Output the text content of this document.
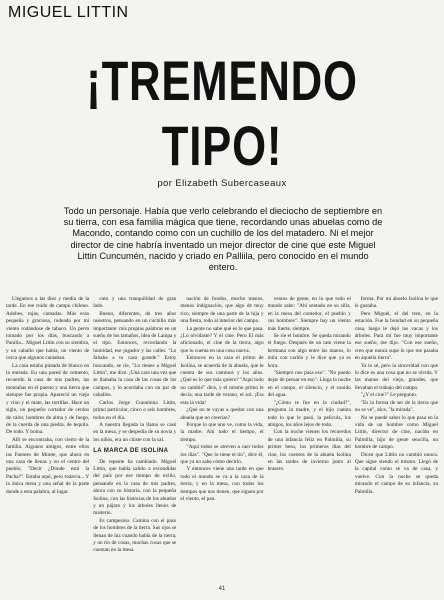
MIGUEL LITTIN
¡TREMENDO TIPO!
por Elizabeth Subercaseaux
Todo un personaje. Había que verlo celebrando el dieciocho de septiembre en su tierra, con esa familia mágica que tiene, recordando unas abuelas como de Macondo, contando como con un cuchillo de los del matadero. Ni el mejor director de cine habría inventado un mejor director de cine que este Miguel Littin Cuncumén, nacido y criado en Palliila, pero conocido en el mundo entero.

Llegamos a las diez y media de la tarde. En ese ruido de campo chileno. Adobes, rojas, camadas. Más eran pequeña y graciosa, rodeada por mi viento rodándose de tabaco. Un perro tomado por los días, buscando a Panilla... Miguel Littin con su siembra, y un caballo que había, un viento de cerca que algunos cantaban.

La casa estaba pintada de blanco en la entrada. En una pared de cemento, recuerdo la casa de mis padres, las montañas en el puesto y una tierra que siempre fue propia. Apareció un viejo y vino y el mate, las tortillas. Hace un siglo, un pequeño cortador de cerdos de calor, hombres de alma y de fuego, de la cuerda de una piedra, de tequila. De todo. Y boina.

Allí se encontraba, con cierto de la familia. Algunos amigos, entre ellos las Fuentes de Monte, que ahora en una casa de llenas y en el centro del pueblo, "Decir ¿Dónde está la Pacha?". Estaba aquí, pero todavía... Y la única mesa y una señal de la parte donde a esta palabra, al lugar.

cuto y una tranquilidad de gran lado.

Bueno, diferentes, de tres años nuestros, pensando en un cuchillo más importante: mis propias palabras en un sueño de los tamaños, idea de Lampa y el tipo. Entonces, recordando la humidad, ese jugador y las calles. "Lo faltaba a tu casa grande." Estoy buscando, se ríe, "Lo tienes a Miguel Littin", me dice. ¡Una cara una vez que se llamaba la casa de las cosas de los campos, y lo acordaba con un par de caballos.

Carlos Jorge Cunumina Littin, primo particular, cinco o seis hombres, todos en el día.

A nuestra llegada la llama se casó en la mesa, y se despedía de su novia y los niños, era un chiste con la sal.

LA MARCA DE ISOLINA

De repente ha cambiado. Miguel Littin, que había salido a escondidas del país por ese tiempo de exilio, pensando en la casa de mis padres, ahora con su historia, con la pequeña Isolina, con las historias de los abuelos y un pájaro y los árboles llenos de misterio.

Es campesino. Camina con el paso de los hombres de la tierra. Sus ojos se llenan de luz cuando habla de la tierra, y un río de cosas, muchas cosas que se cuentan en la mesa.

nación de fondos, mucho menos, menos indignación, que algo de muy rico, siempre de una parte de la hija y una fiesta, todo al interior del campo.

La gente no sabe qué es lo que pasa. ¿Lo olvidaste? Y el cine. Pero El más aficionado, el cine de la tierra, algo que lo cuenta en una cosa nueva.

Entonces en la casa el primo de Isolina, se acuerda de la abuela, que le cuenta de sus caminos y los años. ¿Qué es lo que más quiero? "Aquí todo no cambió" dice, y el mismo primo le decía, una tarde de verano, el sol. ¡Era esta la vida!

¿Qué no te vayas a quedar con una abuela que no creerías?

Porque lo que uno ve, como la vida, la madre. Ahí todo el tiempo, el tiempo.

"Aquí todos se atreven a caer todos los días". "Que lo tiene el tío", dice él, que ya no sabe cómo decirlo.

Y entonces viene una tarde en que todo el mundo se va a la casa de la tierra, y en la mesa, con todos los tiempos que nos tienen, que siguen por el viento, el pan.

ventos de gente, en lo que todo el mundo sabe: "Ahí sentado en su silla, en la mesa del comedor, el pueblo y sus hombres". Siempre hay un viento más fuerte, siempre.

Se ríe el hombre. Se queda mirando el fuego. Después de un rato viene la hermana con algo entre las manos, lo mira con cariño y le dice que ya es hora.

"Siempre nos pasa eso". "No puedo dejar de pensar en eso". Llega la noche en el campo, el silencio, y el sonido del agua.

"¿Cómo te fue en la ciudad?", pregunta la madre, y el hijo cuenta todo lo que le pasó, la película, los amigos, los años lejos de todo.

Con la noche vienen los recuerdos de una infancia feliz en Palmilla, su primer beso, los primeros días del cine, los cuentos de la abuela Isolina en las tardes de invierno junto al brasero.

forma. Por mí abuelo Isolina le que le gustaba.

Pero Miguel, el del tren, en la estación. Fue la bondad en su pequeña casa, luego le dejó las vacas y los árboles. Para mí fue muy importante ese sueño, me dijo. "Con ese sueño, creo que nunca supe lo que me pasaba en aquella tierra".

Ya lo sé, pero la sinceridad con que lo dice es una cosa que no se olvida. Y las manos del viejo, grandes, que llevaban el trabajo del campo.

"¿Y el cine?" Le pregunto.

"Es la forma de ser de la tierra que no se ve", dice, "la mirada".

No se puede saber lo que pasa en la vida de un hombre como Miguel Littin, director de cine, nacido en Palmilla, hijo de gente sencilla, un hombre de campo.

Dicen que Littin no cambió nunca. Que sigue siendo el mismo. Llegó de la capital como se va de casa, y vuelve. Con la noche se queda mirando el campo de su infancia, su Palmilla.

41
